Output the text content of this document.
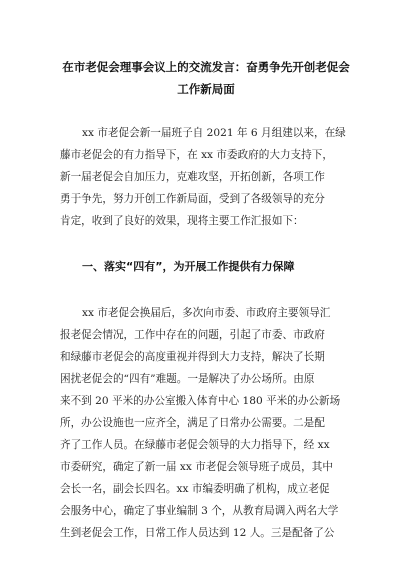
在市老促会理事会议上的交流发言：奋勇争先开创老促会
工作新局面
xx 市老促会新一届班子自 2021 年 6 月组建以来，在绿
藤市老促会的有力指导下，在 xx 市委政府的大力支持下，
新一届老促会自加压力，克难攻坚，开拓创新，各项工作
勇于争先，努力开创工作新局面，受到了各级领导的充分
肯定，收到了良好的效果，现将主要工作汇报如下：
一、落实“四有”，为开展工作提供有力保障
xx 市老促会换届后，多次向市委、市政府主要领导汇
报老促会情况，工作中存在的问题，引起了市委、市政府
和绿藤市老促会的高度重视并得到大力支持，解决了长期
困扰老促会的“四有”难题。一是解决了办公场所。由原
来不到 20 平米的办公室搬入体育中心 180 平米的办公新场
所，办公设施也一应齐全，满足了日常办公需要。二是配
齐了工作人员。在绿藤市老促会领导的大力指导下，经 xx
市委研究，确定了新一届 xx 市老促会领导班子成员，其中
会长一名，副会长四名。xx 市编委明确了机构，成立老促
会服务中心，确定了事业编制 3 个，从教育局调入两名大学
生到老促会工作，日常工作人员达到 12 人。三是配备了公
